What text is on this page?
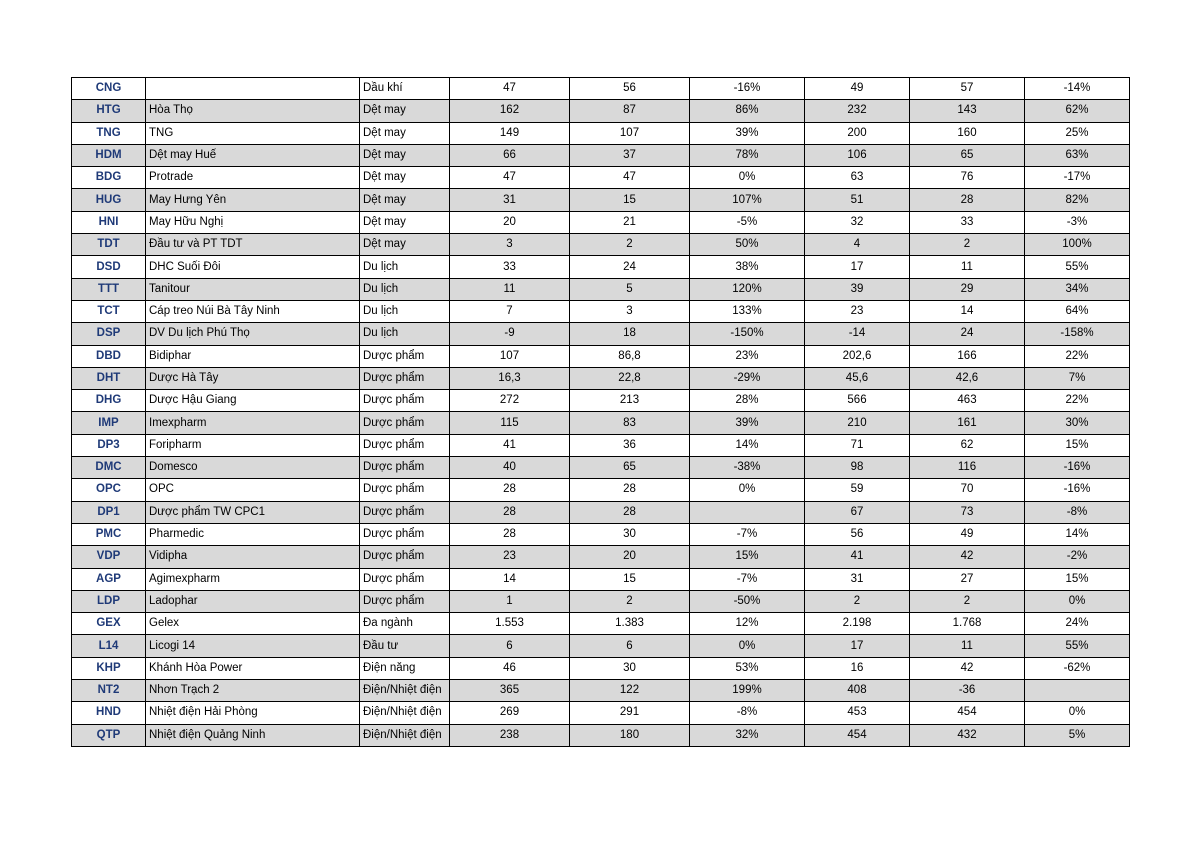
CNG		Dầu khí	47	56	-16%	49	57	-14%
HTG	Hòa Thọ	Dệt may	162	87	86%	232	143	62%
TNG	TNG	Dệt may	149	107	39%	200	160	25%
HDM	Dệt may Huế	Dệt may	66	37	78%	106	65	63%
BDG	Protrade	Dệt may	47	47	0%	63	76	-17%
HUG	May Hưng Yên	Dệt may	31	15	107%	51	28	82%
HNI	May Hữu Nghị	Dệt may	20	21	-5%	32	33	-3%
TDT	Đầu tư và PT TDT	Dệt may	3	2	50%	4	2	100%
DSD	DHC Suối Đôi	Du lịch	33	24	38%	17	11	55%
TTT	Tanitour	Du lịch	11	5	120%	39	29	34%
TCT	Cáp treo Núi Bà Tây Ninh	Du lịch	7	3	133%	23	14	64%
DSP	DV Du lịch Phú Thọ	Du lịch	-9	18	-150%	-14	24	-158%
DBD	Bidiphar	Dược phẩm	107	86,8	23%	202,6	166	22%
DHT	Dược Hà Tây	Dược phẩm	16,3	22,8	-29%	45,6	42,6	7%
DHG	Dược Hậu Giang	Dược phẩm	272	213	28%	566	463	22%
IMP	Imexpharm	Dược phẩm	115	83	39%	210	161	30%
DP3	Foripharm	Dược phẩm	41	36	14%	71	62	15%
DMC	Domesco	Dược phẩm	40	65	-38%	98	116	-16%
OPC	OPC	Dược phẩm	28	28	0%	59	70	-16%
DP1	Dược phẩm TW CPC1	Dược phẩm	28	28		67	73	-8%
PMC	Pharmedic	Dược phẩm	28	30	-7%	56	49	14%
VDP	Vidipha	Dược phẩm	23	20	15%	41	42	-2%
AGP	Agimexpharm	Dược phẩm	14	15	-7%	31	27	15%
LDP	Ladophar	Dược phẩm	1	2	-50%	2	2	0%
GEX	Gelex	Đa ngành	1.553	1.383	12%	2.198	1.768	24%
L14	Licogi 14	Đầu tư	6	6	0%	17	11	55%
KHP	Khánh Hòa Power	Điện năng	46	30	53%	16	42	-62%
NT2	Nhơn Trạch 2	Điện/Nhiệt điện	365	122	199%	408	-36	
HND	Nhiệt điện Hải Phòng	Điện/Nhiệt điện	269	291	-8%	453	454	0%
QTP	Nhiệt điện Quảng Ninh	Điện/Nhiệt điện	238	180	32%	454	432	5%
